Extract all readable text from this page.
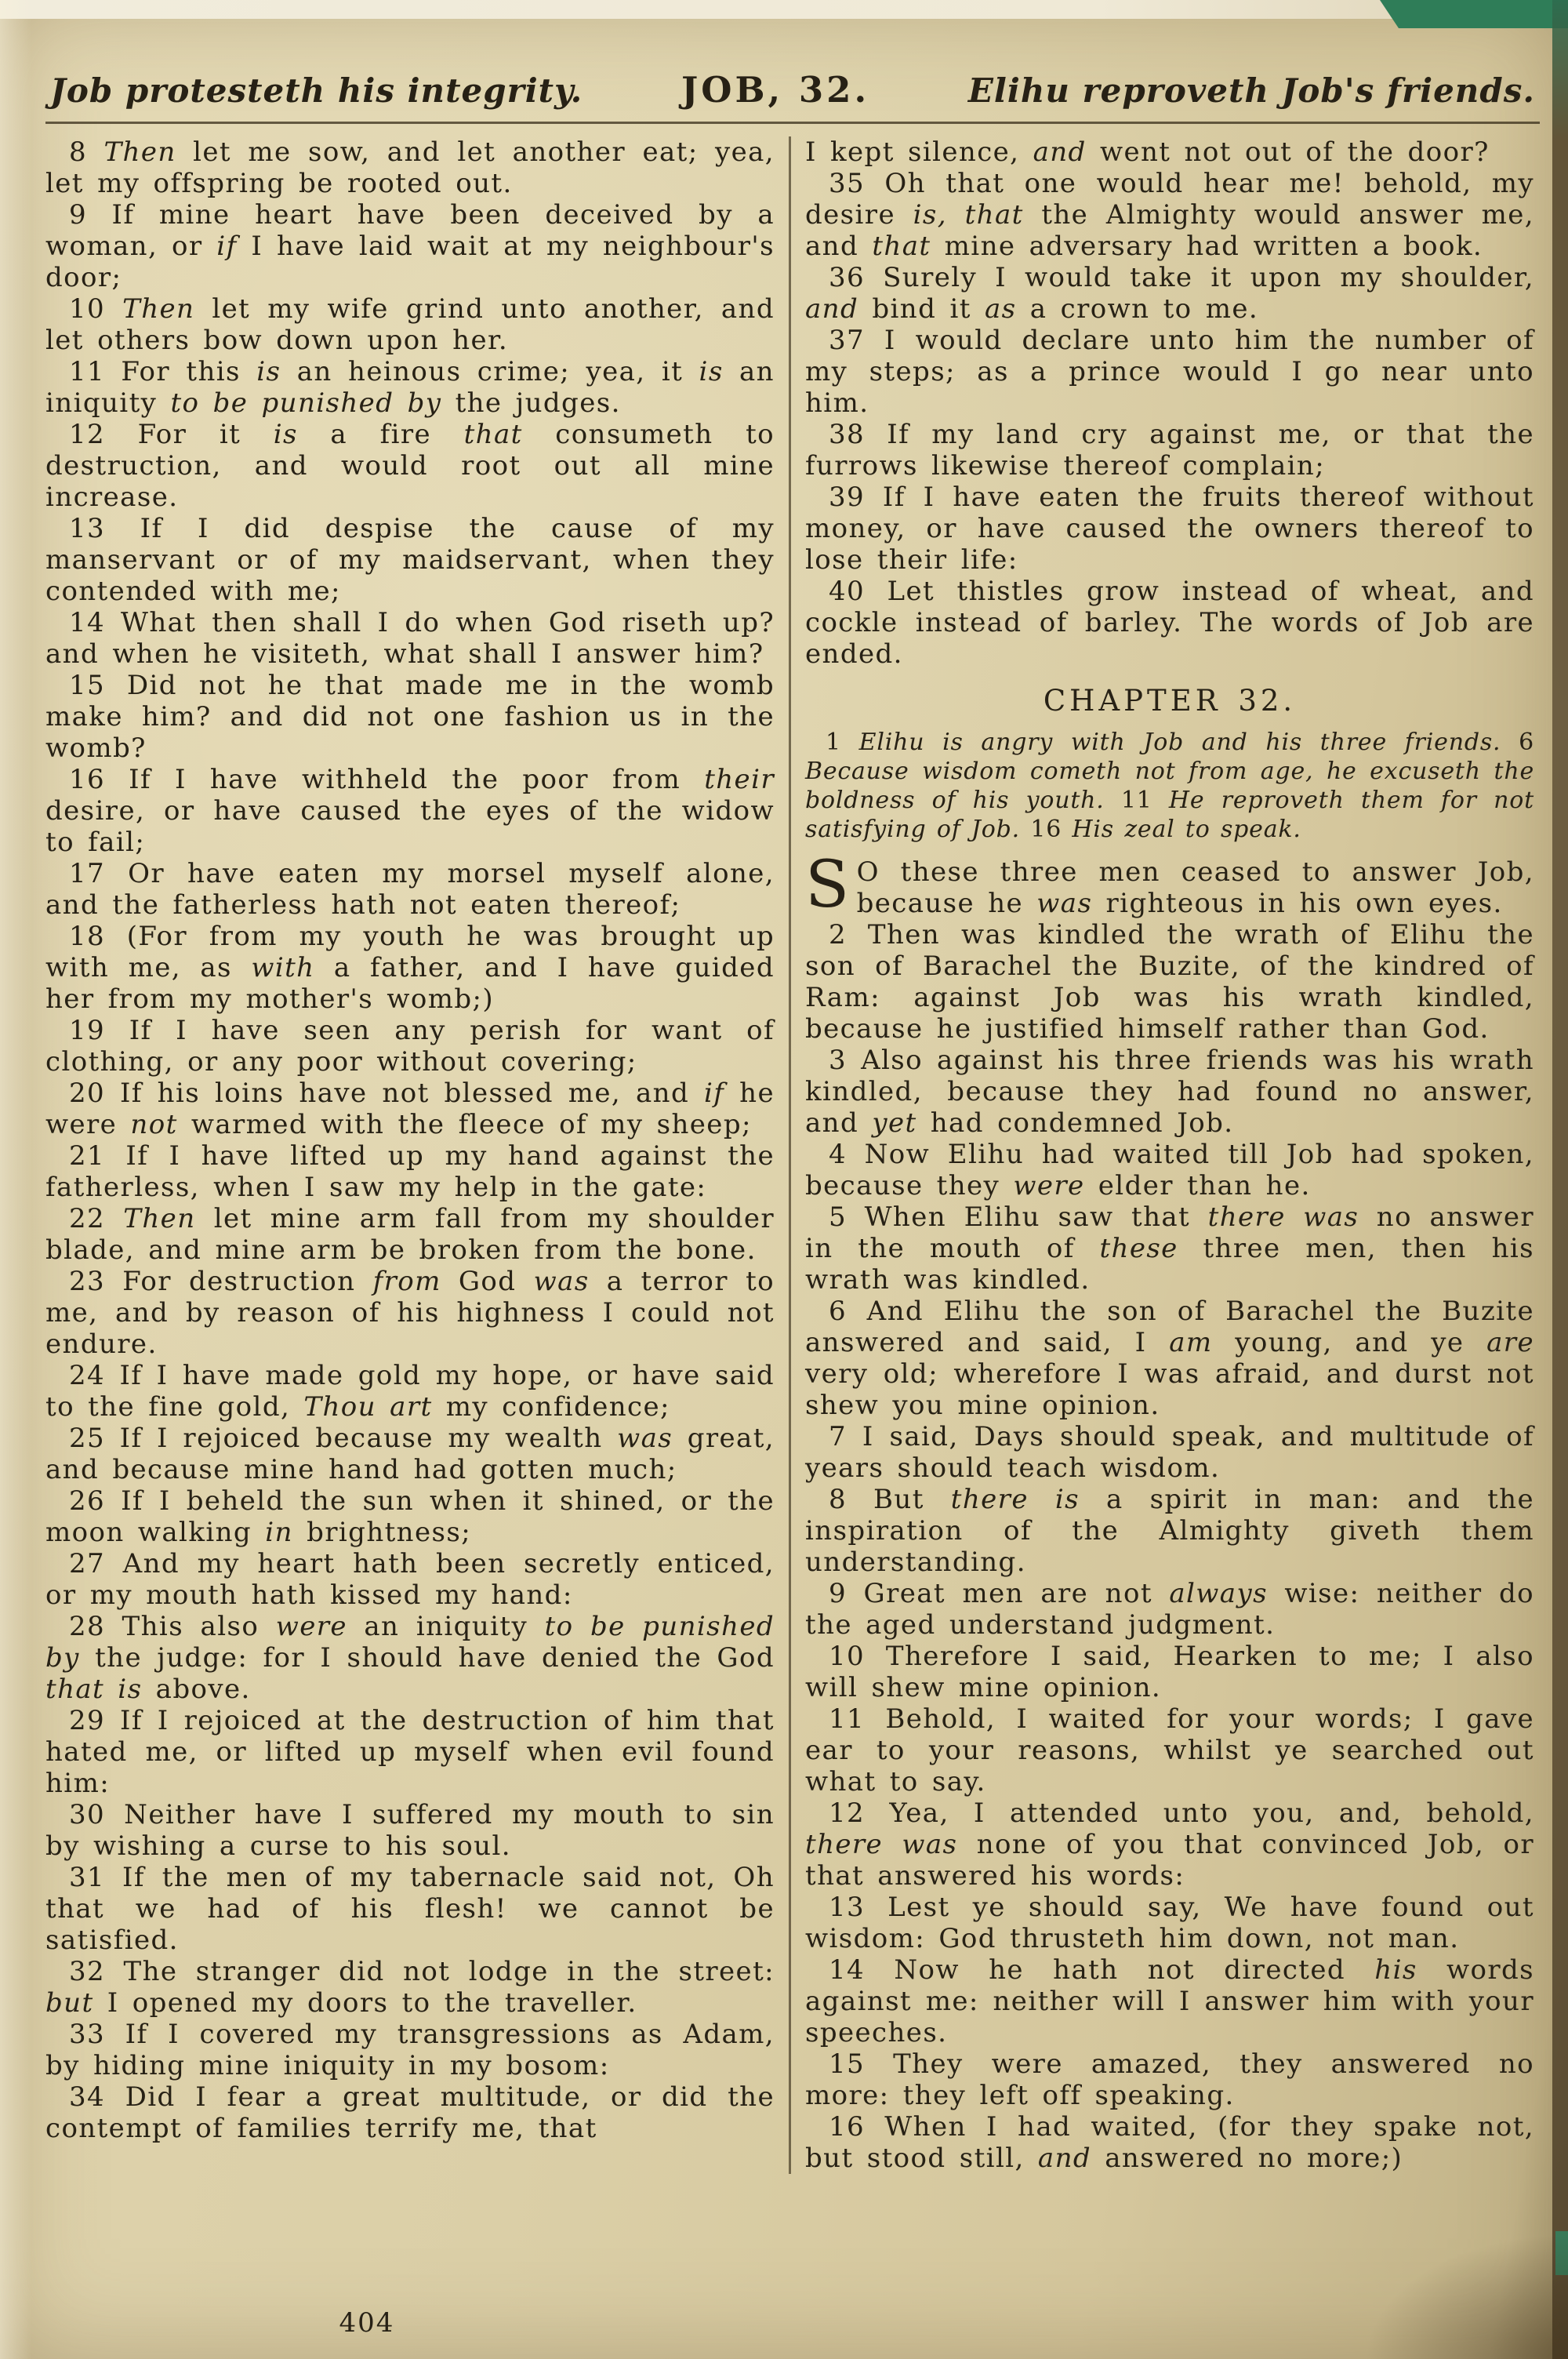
Job protesteth his integrity.	JOB, 32.	Elihu reproveth Job's friends.

8 Then let me sow, and let another eat; yea, let my offspring be rooted out.

9 If mine heart have been deceived by a woman, or if I have laid wait at my neighbour's door;

10 Then let my wife grind unto another, and let others bow down upon her.

11 For this is an heinous crime; yea, it is an iniquity to be punished by the judges.

12 For it is a fire that consumeth to destruction, and would root out all mine increase.

13 If I did despise the cause of my manservant or of my maidservant, when they contended with me;

14 What then shall I do when God riseth up? and when he visiteth, what shall I answer him?

15 Did not he that made me in the womb make him? and did not one fashion us in the womb?

16 If I have withheld the poor from their desire, or have caused the eyes of the widow to fail;

17 Or have eaten my morsel myself alone, and the fatherless hath not eaten thereof;

18 (For from my youth he was brought up with me, as with a father, and I have guided her from my mother's womb;)

19 If I have seen any perish for want of clothing, or any poor without covering;

20 If his loins have not blessed me, and if he were not warmed with the fleece of my sheep;

21 If I have lifted up my hand against the fatherless, when I saw my help in the gate:

22 Then let mine arm fall from my shoulder blade, and mine arm be broken from the bone.

23 For destruction from God was a terror to me, and by reason of his highness I could not endure.

24 If I have made gold my hope, or have said to the fine gold, Thou art my confidence;

25 If I rejoiced because my wealth was great, and because mine hand had gotten much;

26 If I beheld the sun when it shined, or the moon walking in brightness;

27 And my heart hath been secretly enticed, or my mouth hath kissed my hand:

28 This also were an iniquity to be punished by the judge: for I should have denied the God that is above.

29 If I rejoiced at the destruction of him that hated me, or lifted up myself when evil found him:

30 Neither have I suffered my mouth to sin by wishing a curse to his soul.

31 If the men of my tabernacle said not, Oh that we had of his flesh! we cannot be satisfied.

32 The stranger did not lodge in the street: but I opened my doors to the traveller.

33 If I covered my transgressions as Adam, by hiding mine iniquity in my bosom:

34 Did I fear a great multitude, or did the contempt of families terrify me, that

I kept silence, and went not out of the door?

35 Oh that one would hear me! behold, my desire is, that the Almighty would answer me, and that mine adversary had written a book.

36 Surely I would take it upon my shoulder, and bind it as a crown to me.

37 I would declare unto him the number of my steps; as a prince would I go near unto him.

38 If my land cry against me, or that the furrows likewise thereof complain;

39 If I have eaten the fruits thereof without money, or have caused the owners thereof to lose their life:

40 Let thistles grow instead of wheat, and cockle instead of barley. The words of Job are ended.

CHAPTER 32.

1 Elihu is angry with Job and his three friends. 6 Because wisdom cometh not from age, he excuseth the boldness of his youth. 11 He reproveth them for not satisfying of Job. 16 His zeal to speak.

S O these three men ceased to answer Job, because he was righteous in his own eyes.

2 Then was kindled the wrath of Elihu the son of Barachel the Buzite, of the kindred of Ram: against Job was his wrath kindled, because he justified himself rather than God.

3 Also against his three friends was his wrath kindled, because they had found no answer, and yet had condemned Job.

4 Now Elihu had waited till Job had spoken, because they were elder than he.

5 When Elihu saw that there was no answer in the mouth of these three men, then his wrath was kindled.

6 And Elihu the son of Barachel the Buzite answered and said, I am young, and ye are very old; wherefore I was afraid, and durst not shew you mine opinion.

7 I said, Days should speak, and multitude of years should teach wisdom.

8 But there is a spirit in man: and the inspiration of the Almighty giveth them understanding.

9 Great men are not always wise: neither do the aged understand judgment.

10 Therefore I said, Hearken to me; I also will shew mine opinion.

11 Behold, I waited for your words; I gave ear to your reasons, whilst ye searched out what to say.

12 Yea, I attended unto you, and, behold, there was none of you that convinced Job, or that answered his words:

13 Lest ye should say, We have found out wisdom: God thrusteth him down, not man.

14 Now he hath not directed his words against me: neither will I answer him with your speeches.

15 They were amazed, they answered no more: they left off speaking.

16 When I had waited, (for they spake not, but stood still, and answered no more;)

404
